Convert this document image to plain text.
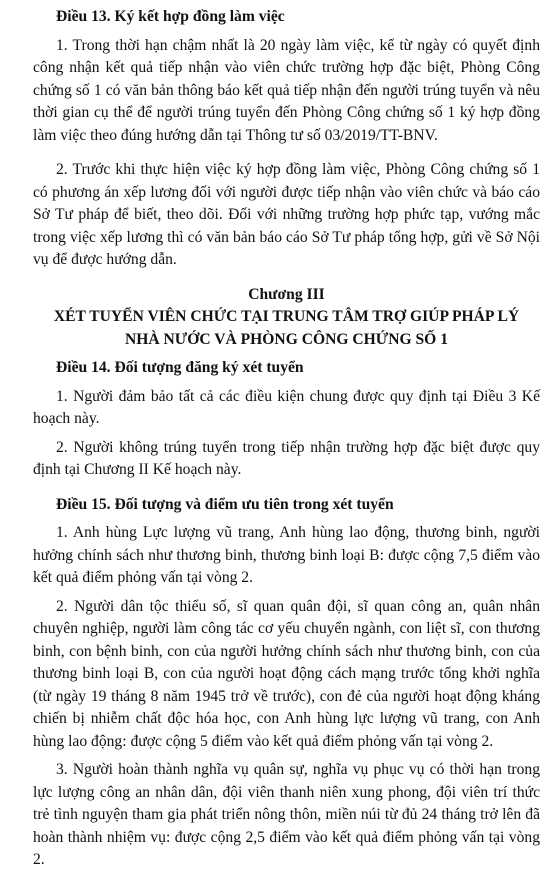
Điều 13. Ký kết hợp đồng làm việc

1. Trong thời hạn chậm nhất là 20 ngày làm việc, kể từ ngày có quyết định công nhận kết quả tiếp nhận vào viên chức trường hợp đặc biệt, Phòng Công chứng số 1 có văn bản thông báo kết quả tiếp nhận đến người trúng tuyển và nêu thời gian cụ thể để người trúng tuyển đến Phòng Công chứng số 1 ký hợp đồng làm việc theo đúng hướng dẫn tại Thông tư số 03/2019/TT-BNV.

2. Trước khi thực hiện việc ký hợp đồng làm việc, Phòng Công chứng số 1 có phương án xếp lương đối với người được tiếp nhận vào viên chức và báo cáo Sở Tư pháp để biết, theo dõi. Đối với những trường hợp phức tạp, vướng mắc trong việc xếp lương thì có văn bản báo cáo Sở Tư pháp tổng hợp, gửi về Sở Nội vụ để được hướng dẫn.

Chương III

XÉT TUYỂN VIÊN CHỨC TẠI TRUNG TÂM TRỢ GIÚP PHÁP LÝ

NHÀ NƯỚC VÀ PHÒNG CÔNG CHỨNG SỐ 1

Điều 14. Đối tượng đăng ký xét tuyển

1. Người đảm bảo tất cả các điều kiện chung được quy định tại Điều 3 Kế hoạch này.

2. Người không trúng tuyển trong tiếp nhận trường hợp đặc biệt được quy định tại Chương II Kế hoạch này.

Điều 15. Đối tượng và điểm ưu tiên trong xét tuyển

1. Anh hùng Lực lượng vũ trang, Anh hùng lao động, thương binh, người hưởng chính sách như thương binh, thương binh loại B: được cộng 7,5 điểm vào kết quả điểm phỏng vấn tại vòng 2.

2. Người dân tộc thiểu số, sĩ quan quân đội, sĩ quan công an, quân nhân chuyên nghiệp, người làm công tác cơ yếu chuyển ngành, con liệt sĩ, con thương binh, con bệnh binh, con của người hưởng chính sách như thương binh, con của thương binh loại B, con của người hoạt động cách mạng trước tổng khởi nghĩa (từ ngày 19 tháng 8 năm 1945 trở về trước), con đẻ của người hoạt động kháng chiến bị nhiễm chất độc hóa học, con Anh hùng lực lượng vũ trang, con Anh hùng lao động: được cộng 5 điểm vào kết quả điểm phỏng vấn tại vòng 2.

3. Người hoàn thành nghĩa vụ quân sự, nghĩa vụ phục vụ có thời hạn trong lực lượng công an nhân dân, đội viên thanh niên xung phong, đội viên trí thức trẻ tình nguyện tham gia phát triển nông thôn, miền núi từ đủ 24 tháng trở lên đã hoàn thành nhiệm vụ: được cộng 2,5 điểm vào kết quả điểm phỏng vấn tại vòng 2.
